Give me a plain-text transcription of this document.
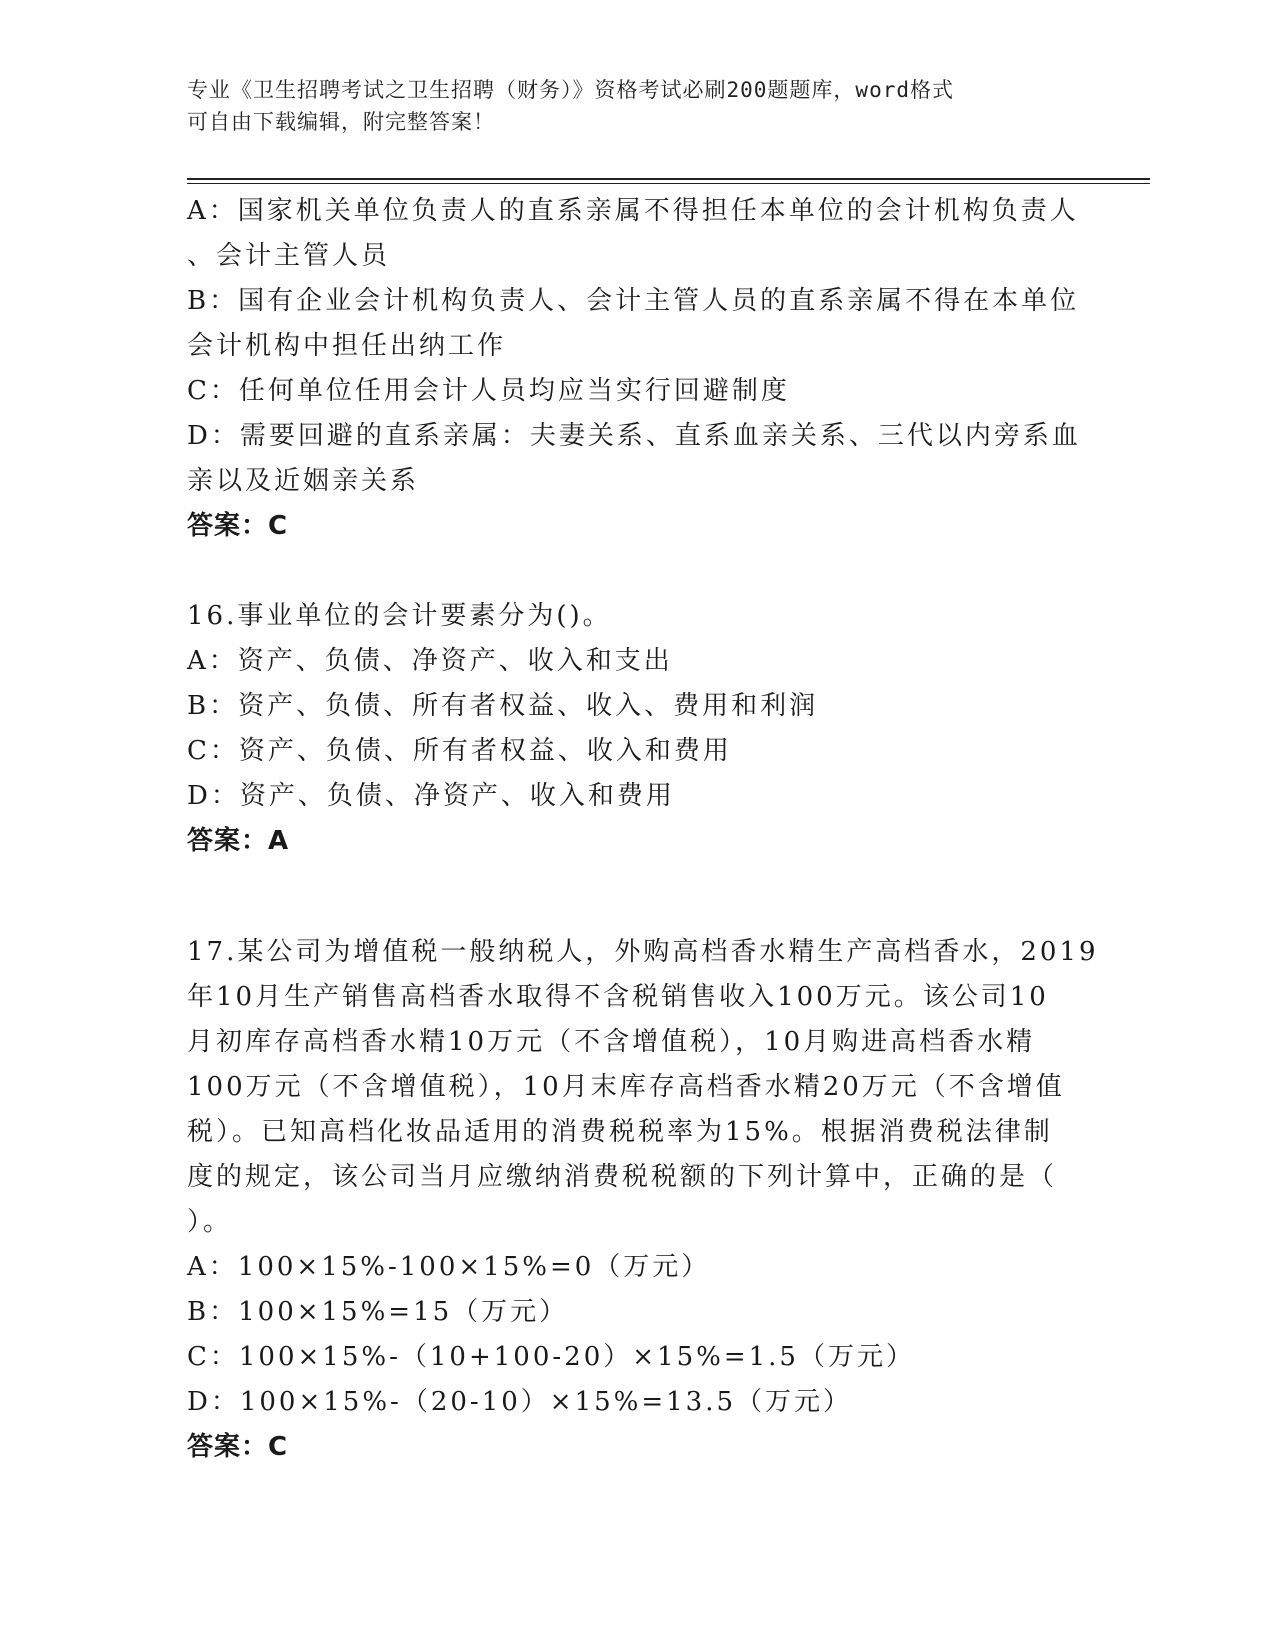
专业《卫生招聘考试之卫生招聘（财务）》资格考试必刷200题题库，word格式
可自由下载编辑，附完整答案！
A：国家机关单位负责人的直系亲属不得担任本单位的会计机构负责人
、会计主管人员
B：国有企业会计机构负责人、会计主管人员的直系亲属不得在本单位
会计机构中担任出纳工作
C：任何单位任用会计人员均应当实行回避制度
D：需要回避的直系亲属：夫妻关系、直系血亲关系、三代以内旁系血
亲以及近姻亲关系
答案：C
16.事业单位的会计要素分为()。
A：资产、负债、净资产、收入和支出
B：资产、负债、所有者权益、收入、费用和利润
C：资产、负债、所有者权益、收入和费用
D：资产、负债、净资产、收入和费用
答案：A
17.某公司为增值税一般纳税人，外购高档香水精生产高档香水，2019
年10月生产销售高档香水取得不含税销售收入100万元。该公司10
月初库存高档香水精10万元（不含增值税），10月购进高档香水精
100万元（不含增值税），10月末库存高档香水精20万元（不含增值
税）。已知高档化妆品适用的消费税税率为15%。根据消费税法律制
度的规定，该公司当月应缴纳消费税税额的下列计算中，正确的是（
）。
A：100×15%-100×15%=0（万元）
B：100×15%=15（万元）
C：100×15%-（10+100-20）×15%=1.5（万元）
D：100×15%-（20-10）×15%=13.5（万元）
答案：C
